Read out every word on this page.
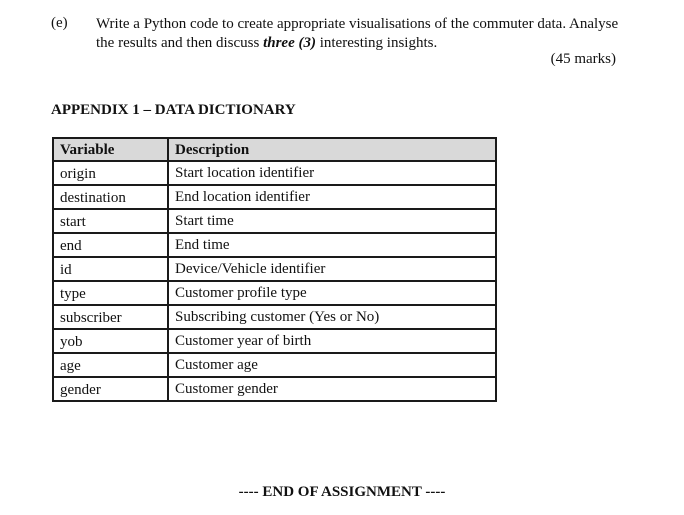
(e) Write a Python code to create appropriate visualisations of the commuter data. Analyse the results and then discuss three (3) interesting insights.
(45 marks)
APPENDIX 1 – DATA DICTIONARY
Variable	Description
origin	Start location identifier
destination	End location identifier
start	Start time
end	End time
id	Device/Vehicle identifier
type	Customer profile type
subscriber	Subscribing customer (Yes or No)
yob	Customer year of birth
age	Customer age
gender	Customer gender
---- END OF ASSIGNMENT ----
